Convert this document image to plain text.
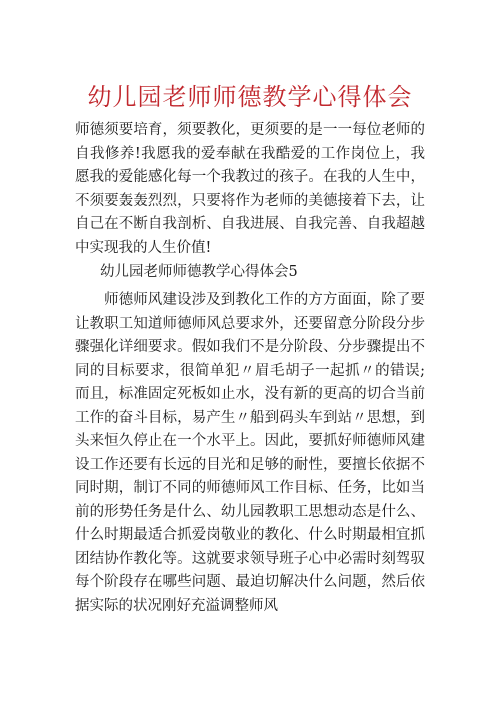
幼儿园老师师德教学心得体会

师德须要培育，须要教化，更须要的是一一每位老师的自我修养!我愿我的爱奉献在我酷爱的工作岗位上，我愿我的爱能感化每一个我教过的孩子。在我的人生中，不须要轰轰烈烈，只要将作为老师的美德接着下去，让自己在不断自我剖析、自我进展、自我完善、自我超越中实现我的人生价值!

幼儿园老师师德教学心得体会5

师德师风建设涉及到教化工作的方方面面，除了要让教职工知道师德师风总要求外，还要留意分阶段分步骤强化详细要求。假如我们不是分阶段、分步骤提出不同的目标要求，很简单犯〃眉毛胡子一起抓〃的错误;而且，标准固定死板如止水，没有新的更高的切合当前工作的奋斗目标，易产生〃船到码头车到站〃思想，到头来恒久停止在一个水平上。因此，要抓好师德师风建设工作还要有长远的目光和足够的耐性，要擅长依据不同时期，制订不同的师德师风工作目标、任务，比如当前的形势任务是什么、幼儿园教职工思想动态是什么、什么时期最适合抓爱岗敬业的教化、什么时期最相宜抓团结协作教化等。这就要求领导班子心中必需时刻驾驭每个阶段存在哪些问题、最迫切解决什么问题，然后依据实际的状况刚好充溢调整师风
